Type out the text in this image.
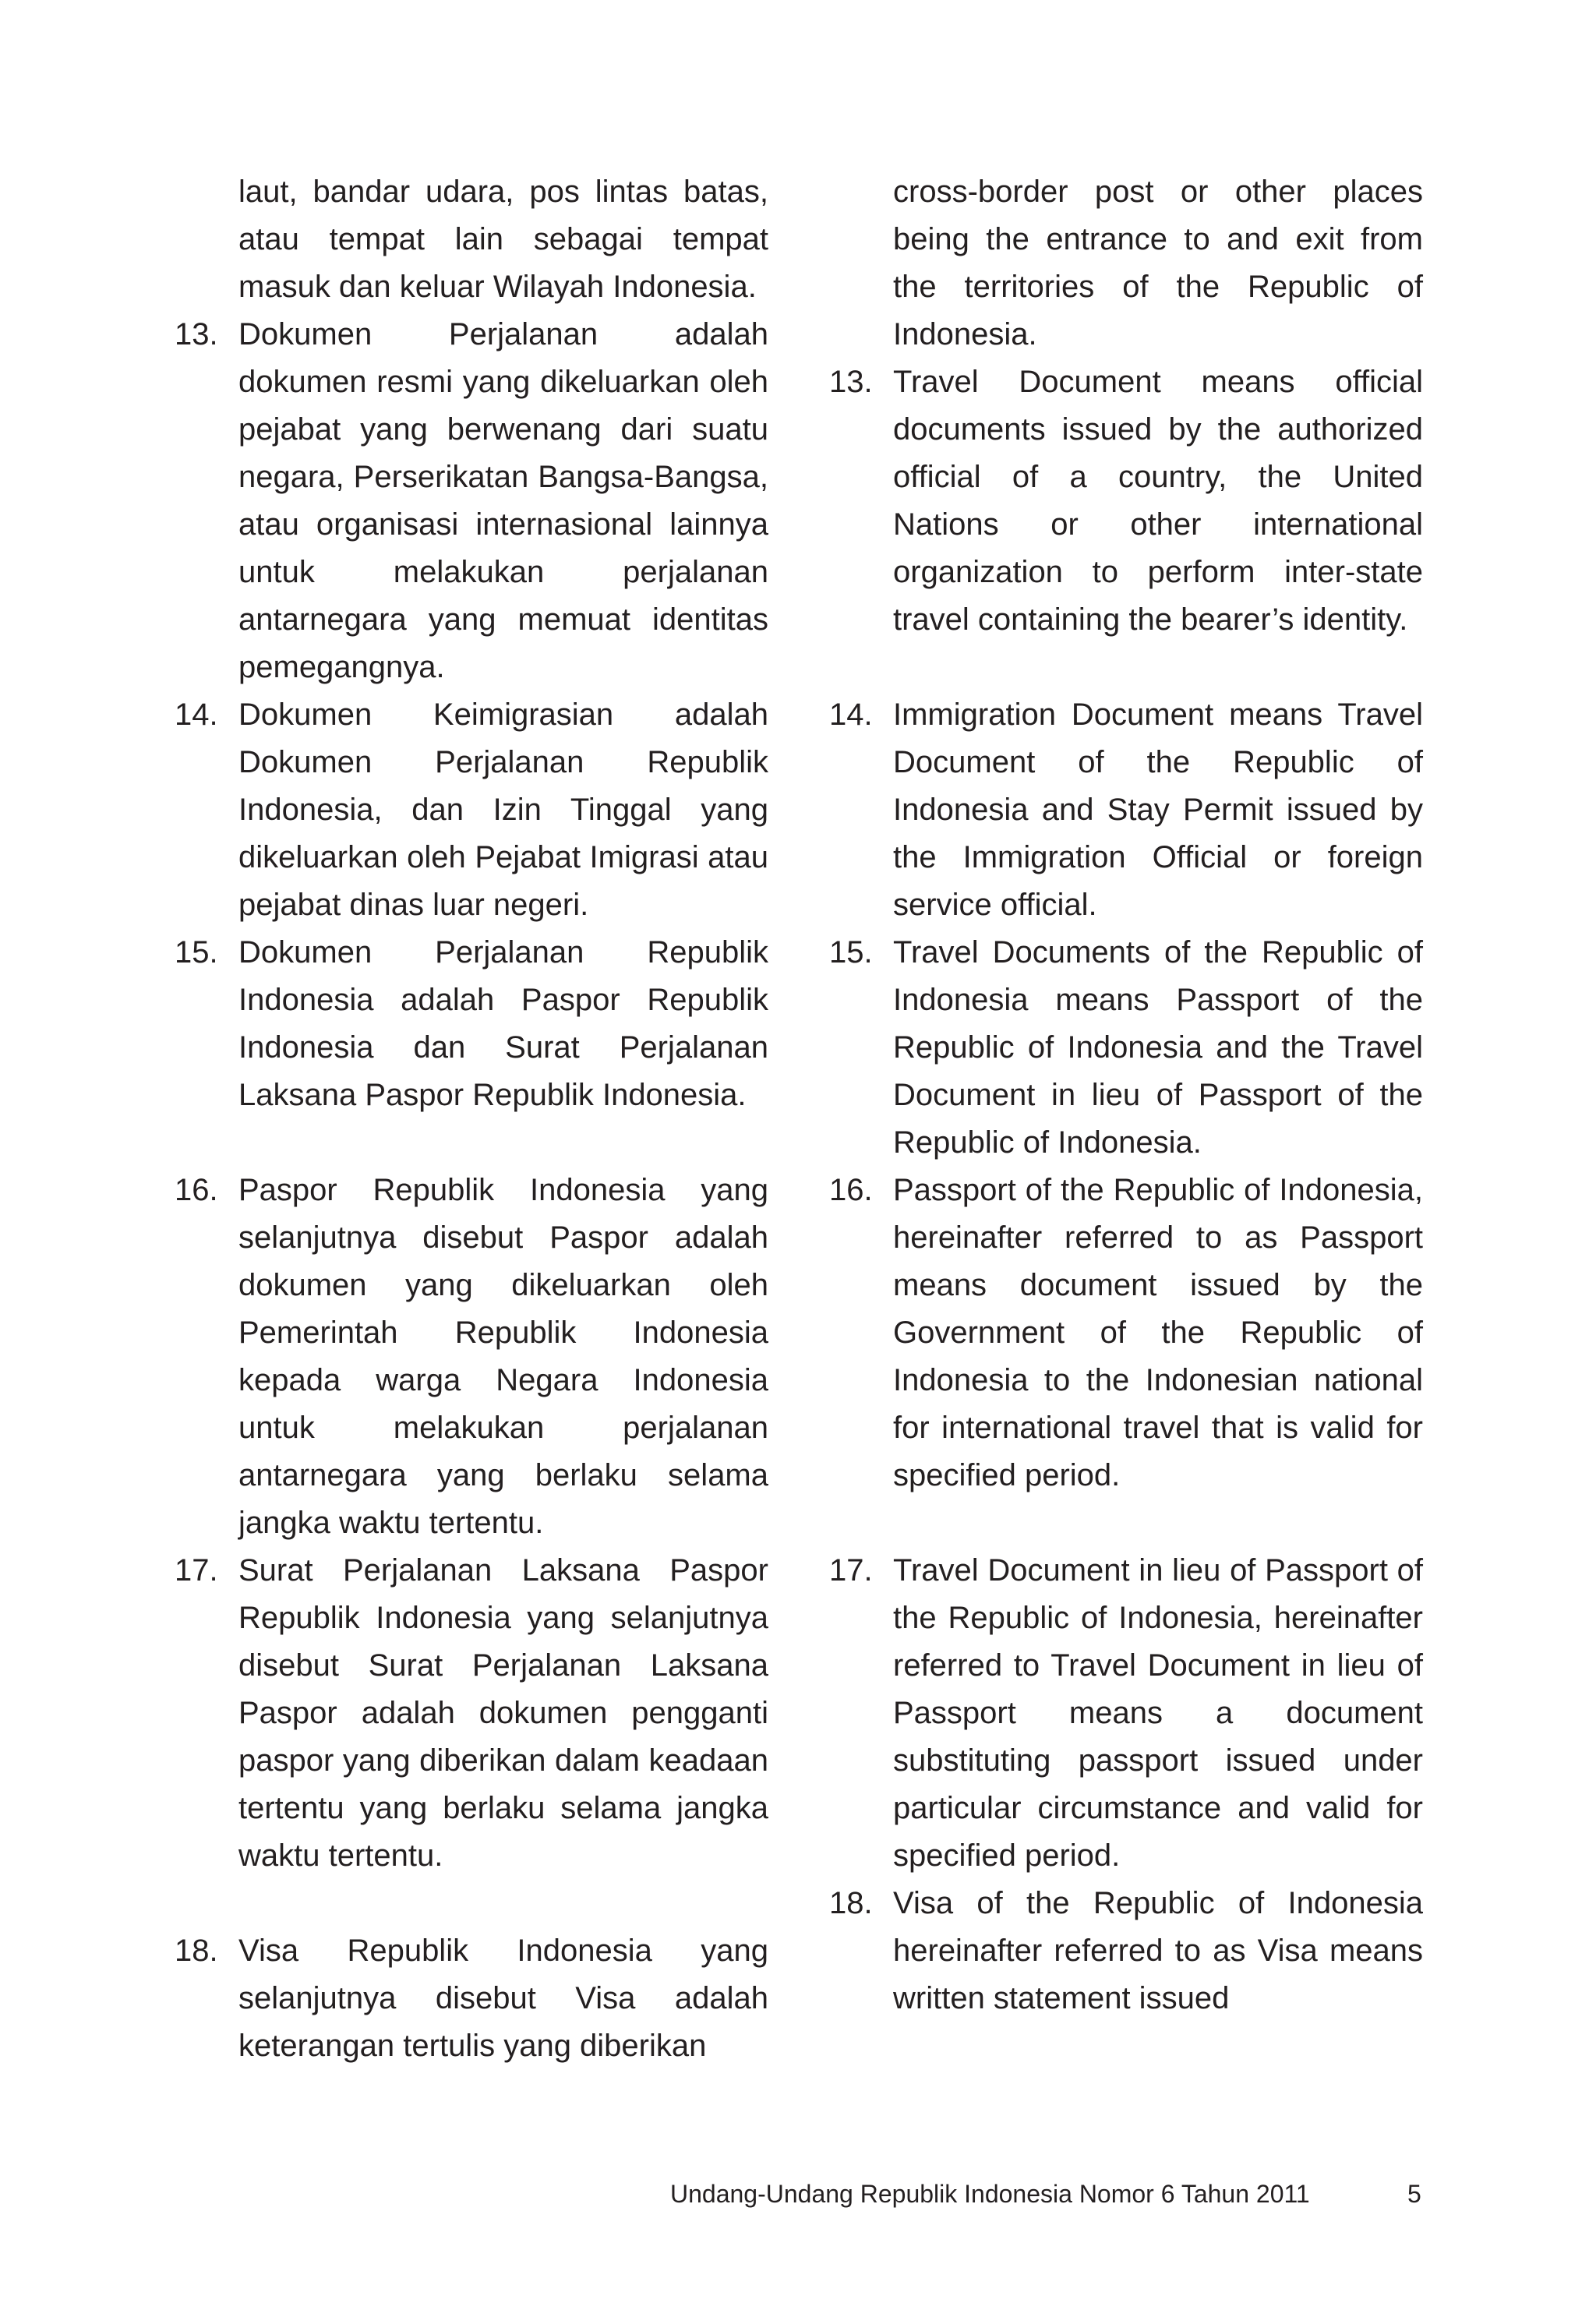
laut, bandar udara, pos lintas batas, atau tempat lain sebagai tempat masuk dan keluar Wilayah Indonesia.
13. Dokumen Perjalanan adalah dokumen resmi yang dikeluarkan oleh pejabat yang berwenang dari suatu negara, Perserikatan Bangsa-Bangsa, atau organisasi internasional lainnya untuk melakukan perjalanan antarnegara yang memuat identitas pemegangnya.
14. Dokumen Keimigrasian adalah Dokumen Perjalanan Republik Indonesia, dan Izin Tinggal yang dikeluarkan oleh Pejabat Imigrasi atau pejabat dinas luar negeri.
15. Dokumen Perjalanan Republik Indonesia adalah Paspor Republik Indonesia dan Surat Perjalanan Laksana Paspor Republik Indonesia.
16. Paspor Republik Indonesia yang selanjutnya disebut Paspor adalah dokumen yang dikeluarkan oleh Pemerintah Republik Indonesia kepada warga Negara Indonesia untuk melakukan perjalanan antarnegara yang berlaku selama jangka waktu tertentu.
17. Surat Perjalanan Laksana Paspor Republik Indonesia yang selanjutnya disebut Surat Perjalanan Laksana Paspor adalah dokumen pengganti paspor yang diberikan dalam keadaan tertentu yang berlaku selama jangka waktu tertentu.
18. Visa Republik Indonesia yang selanjutnya disebut Visa adalah keterangan tertulis yang diberikan
cross-border post or other places being the entrance to and exit from the territories of the Republic of Indonesia.
13. Travel Document means official documents issued by the authorized official of a country, the United Nations or other international organization to perform inter-state travel containing the bearer’s identity.
14. Immigration Document means Travel Document of the Republic of Indonesia and Stay Permit issued by the Immigration Official or foreign service official.
15. Travel Documents of the Republic of Indonesia means Passport of the Republic of Indonesia and the Travel Document in lieu of Passport of the Republic of Indonesia.
16. Passport of the Republic of Indonesia, hereinafter referred to as Passport means document issued by the Government of the Republic of Indonesia to the Indonesian national for international travel that is valid for specified period.
17. Travel Document in lieu of Passport of the Republic of Indonesia, hereinafter referred to Travel Document in lieu of Passport means a document substituting passport issued under particular circumstance and valid for specified period.
18. Visa of the Republic of Indonesia hereinafter referred to as Visa means written statement issued
Undang-Undang Republik Indonesia Nomor 6 Tahun 2011	5
